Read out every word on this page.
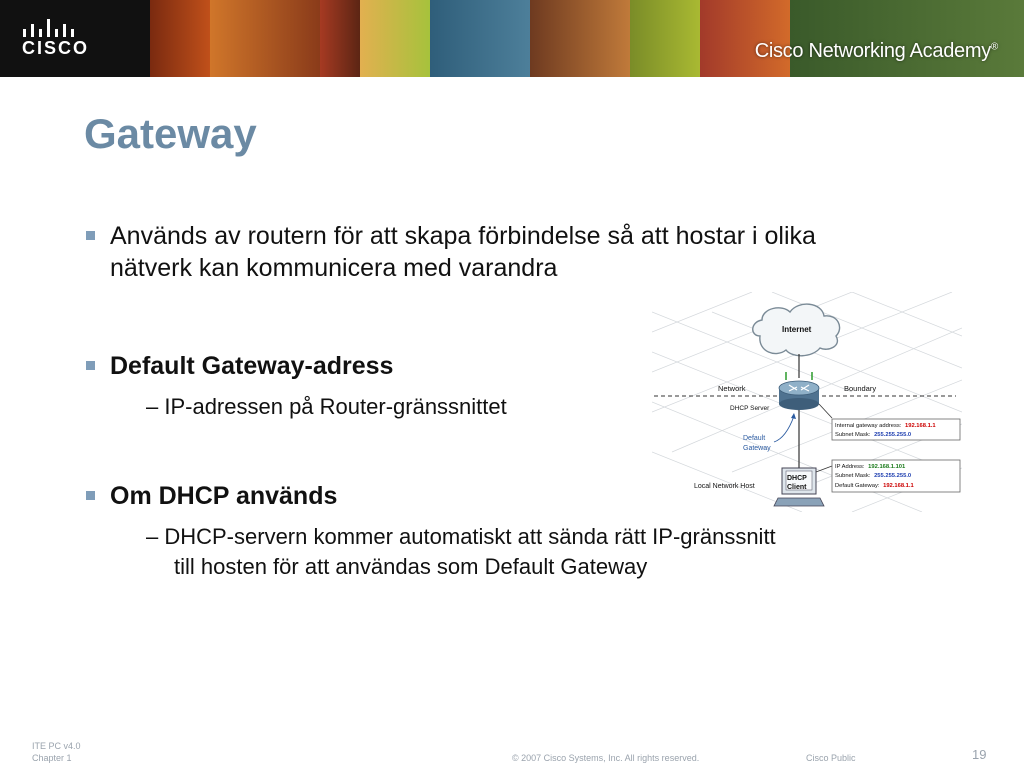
CISCO	Cisco Networking Academy®
Gateway
Används av routern för att skapa förbindelse så att hostar i olika
nätverk kan kommunicera med varandra
Default Gateway-adress
– IP-adressen på Router-gränssnittet
Om DHCP används
– DHCP-servern kommer automatiskt att sända rätt IP-gränssnitt
till hosten för att användas som Default Gateway
Internet
Network	Boundary
DHCP Server
Internal gateway address: 192.168.1.1
Subnet Mask: 255.255.255.0
Default
Gateway
DHCP
Client
Local Network Host
IP Address: 192.168.1.101
Subnet Mask: 255.255.255.0
Default Gateway: 192.168.1.1
ITE PC v4.0
Chapter 1	© 2007 Cisco Systems, Inc. All rights reserved.	Cisco Public	19
